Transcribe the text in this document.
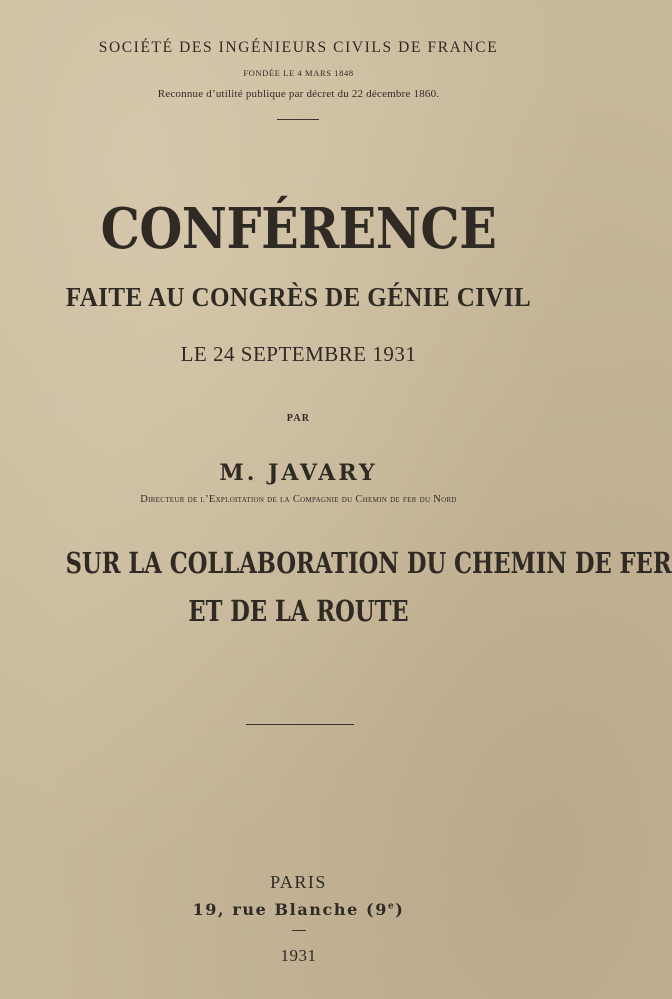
SOCIÉTÉ DES INGÉNIEURS CIVILS DE FRANCE
FONDÉE LE 4 MARS 1848
Reconnue d’utilité publique par décret du 22 décembre 1860.
CONFÉRENCE
FAITE AU CONGRÈS DE GÉNIE CIVIL
LE 24 SEPTEMBRE 1931
PAR
M. JAVARY
Directeur de l’Exploitation de la Compagnie du Chemin de fer du Nord
SUR LA COLLABORATION DU CHEMIN DE FER
ET DE LA ROUTE
PARIS
19, rue Blanche (9e)
1931
